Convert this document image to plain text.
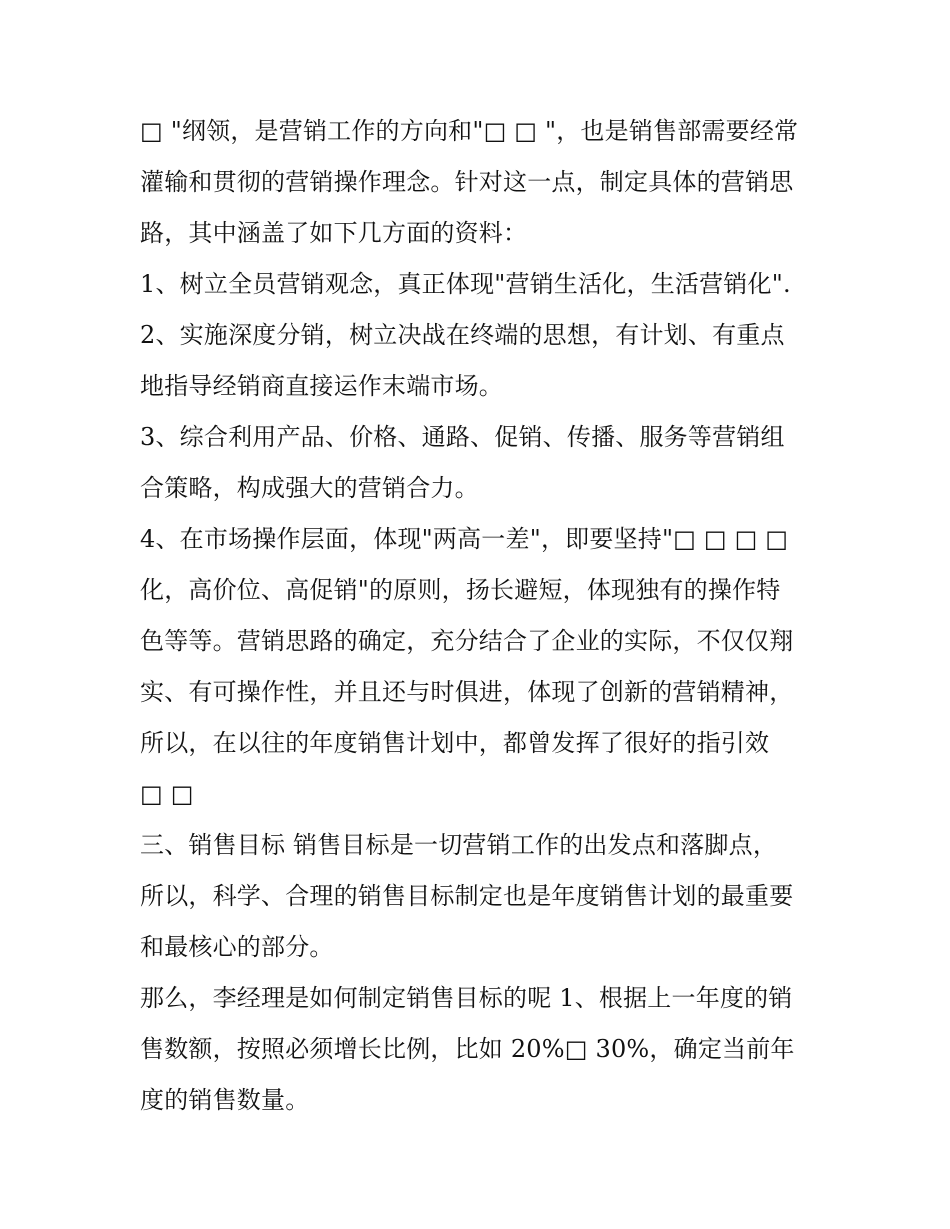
□ "纲领，是营销工作的方向和"□ □ "，也是销售部需要经常
灌输和贯彻的营销操作理念。针对这一点，制定具体的营销思
路，其中涵盖了如下几方面的资料：
1、树立全员营销观念，真正体现"营销生活化，生活营销化".
2、实施深度分销，树立决战在终端的思想，有计划、有重点
地指导经销商直接运作末端市场。
3、综合利用产品、价格、通路、促销、传播、服务等营销组
合策略，构成强大的营销合力。
4、在市场操作层面，体现"两高一差"，即要坚持"□ □ □ □
化，高价位、高促销"的原则，扬长避短，体现独有的操作特
色等等。营销思路的确定，充分结合了企业的实际，不仅仅翔
实、有可操作性，并且还与时俱进，体现了创新的营销精神，
所以，在以往的年度销售计划中，都曾发挥了很好的指引效
□ □
三、销售目标 销售目标是一切营销工作的出发点和落脚点，
所以，科学、合理的销售目标制定也是年度销售计划的最重要
和最核心的部分。
那么，李经理是如何制定销售目标的呢 1、根据上一年度的销
售数额，按照必须增长比例，比如 20%□ 30%，确定当前年
度的销售数量。
